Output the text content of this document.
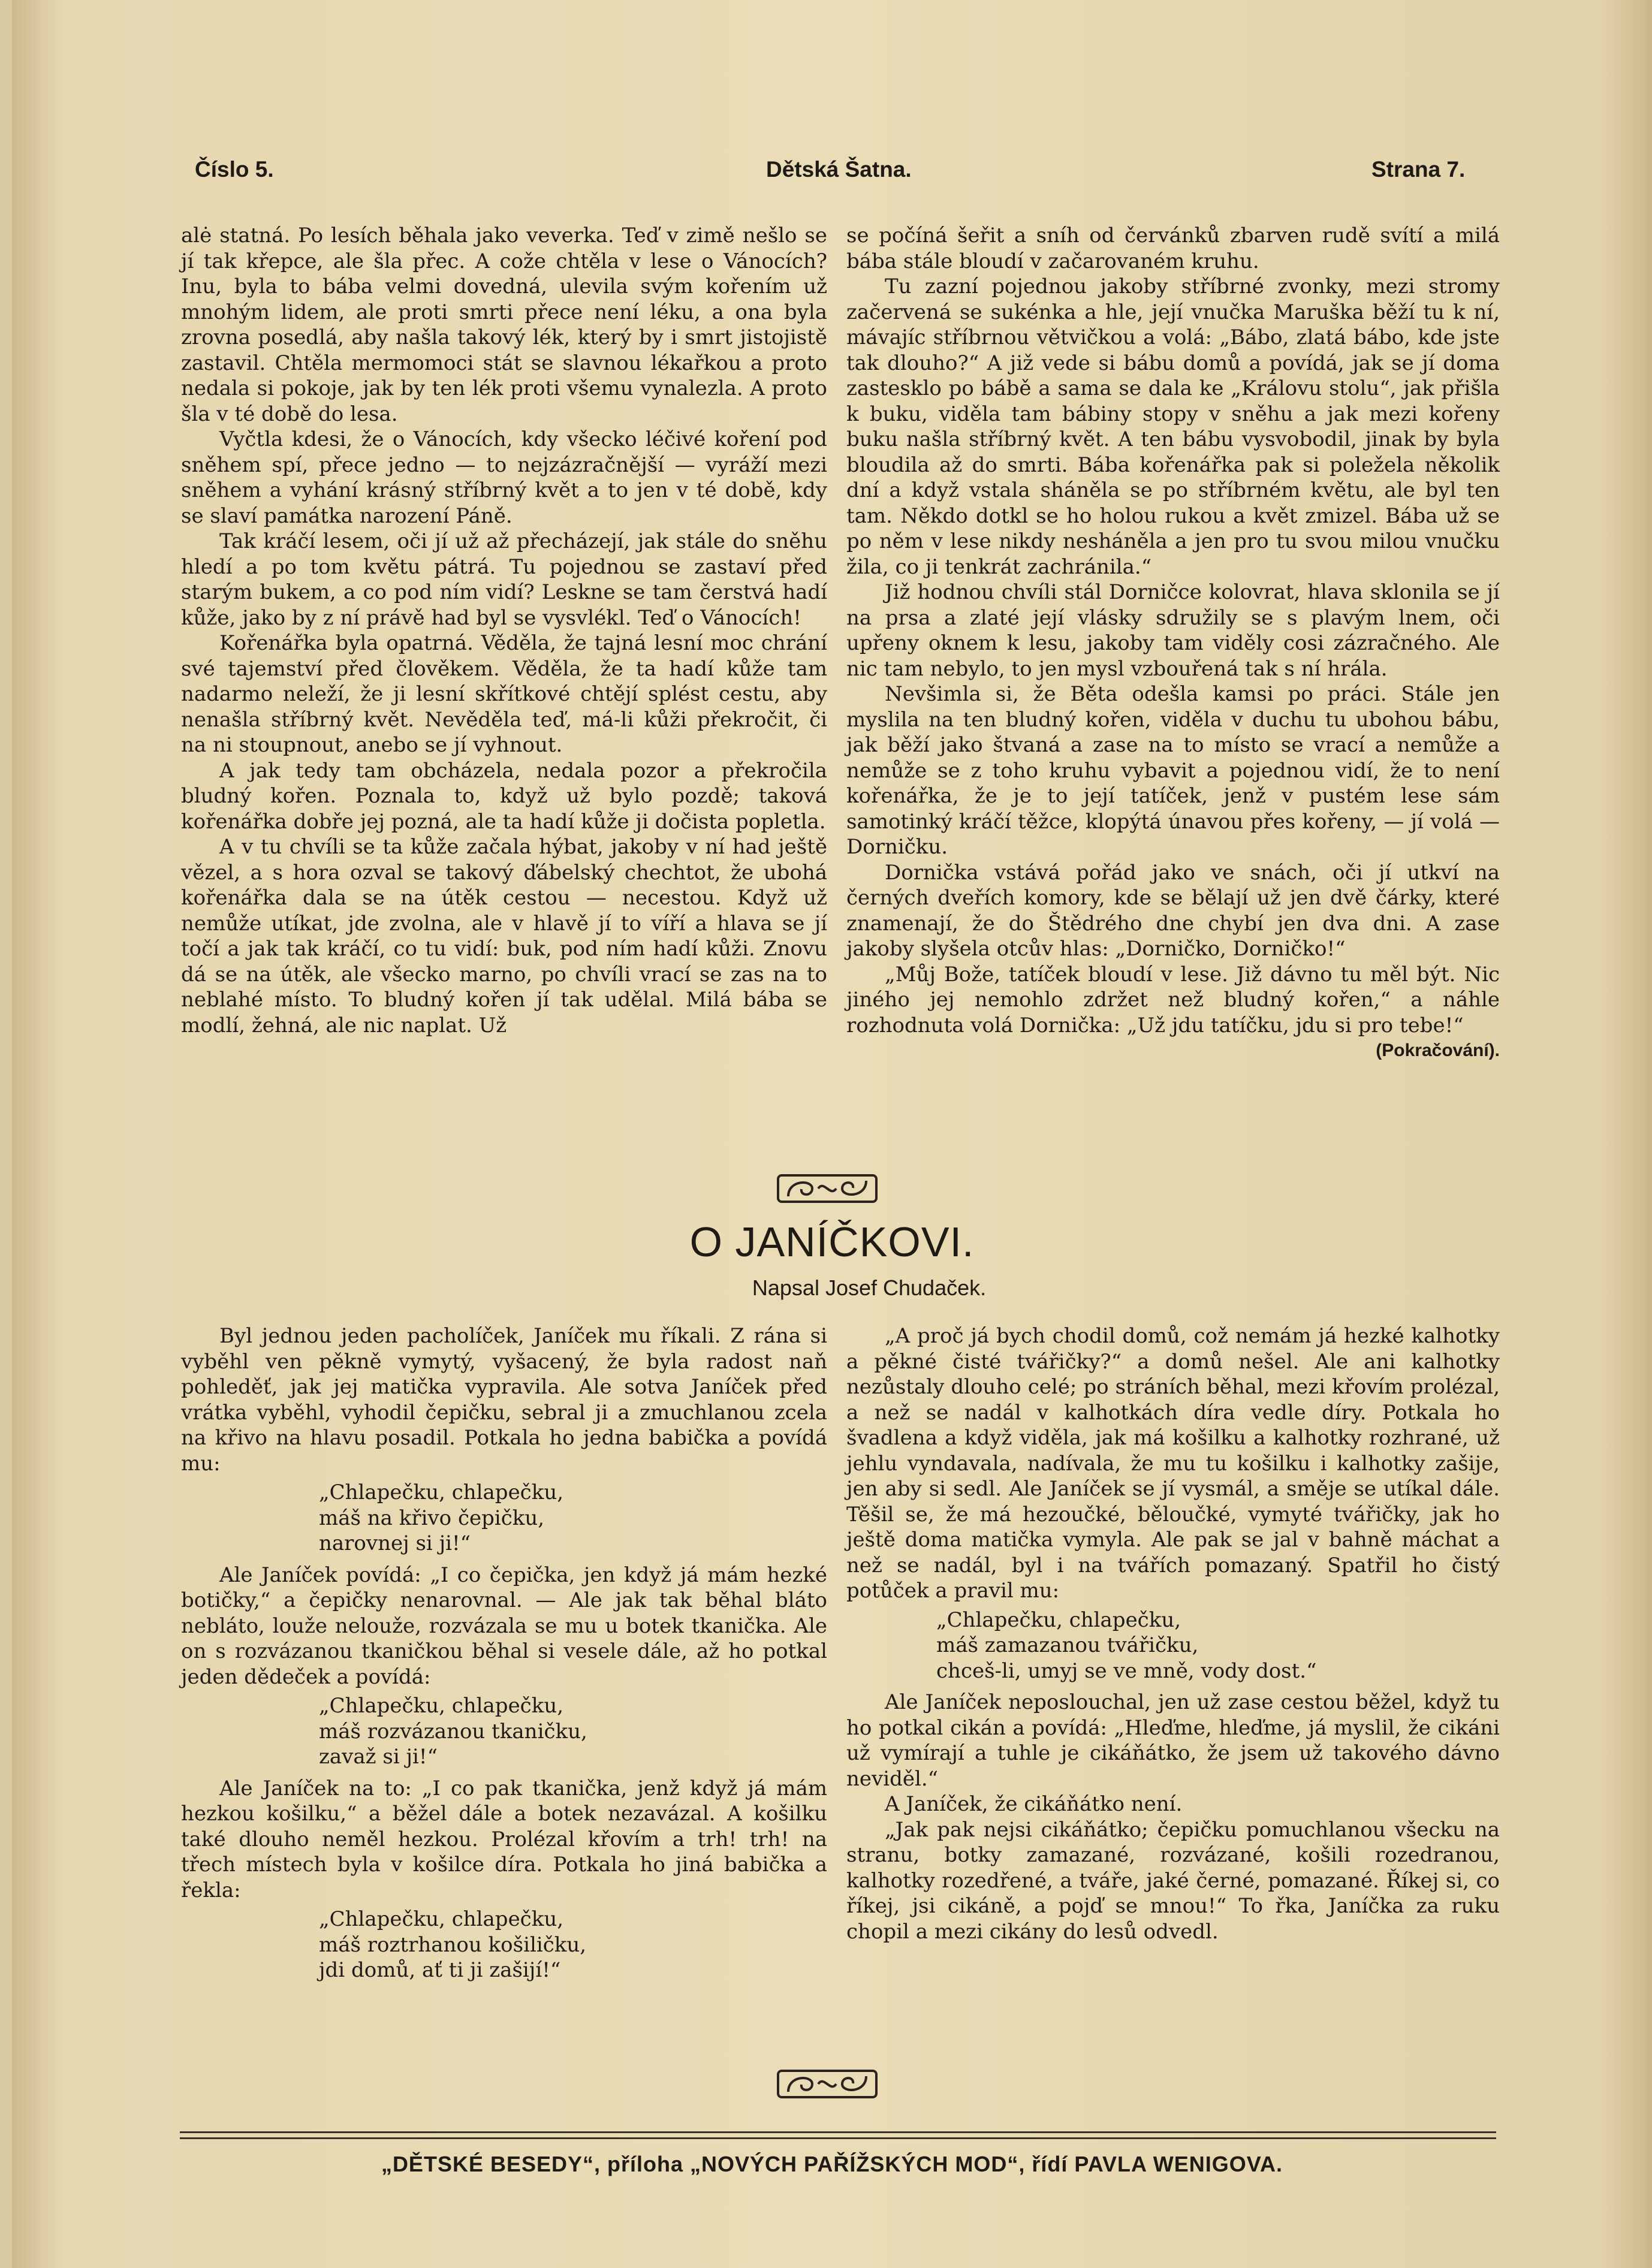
Číslo 5.	Dětská Šatna.	Strana 7.

alė statná. Po lesích běhala jako veverka. Teď v zimě nešlo se jí tak křepce, ale šla přec. A cože chtěla v lese o Vánocích? Inu, byla to bába velmi dovedná, ulevila svým kořením už mnohým lidem, ale proti smrti přece není léku, a ona byla zrovna posedlá, aby našla takový lék, který by i smrt jistojistě zastavil. Chtěla mermomoci stát se slavnou lékařkou a proto nedala si pokoje, jak by ten lék proti všemu vynalezla. A proto šla v té době do lesa.

Vyčtla kdesi, že o Vánocích, kdy všecko léčivé koření pod sněhem spí, přece jedno — to nejzázračnější — vyráží mezi sněhem a vyhání krásný stříbrný květ a to jen v té době, kdy se slaví památka narození Páně.

Tak kráčí lesem, oči jí už až přecházejí, jak stále do sněhu hledí a po tom květu pátrá. Tu pojednou se zastaví před starým bukem, a co pod ním vidí? Leskne se tam čerstvá hadí kůže, jako by z ní právě had byl se vysvlékl. Teď o Vánocích!

Kořenářka byla opatrná. Věděla, že tajná lesní moc chrání své tajemství před člověkem. Věděla, že ta hadí kůže tam nadarmo neleží, že ji lesní skřítkové chtějí splést cestu, aby nenašla stříbrný květ. Nevěděla teď, má-li kůži překročit, či na ni stoupnout, anebo se jí vyhnout.

A jak tedy tam obcházela, nedala pozor a překročila bludný kořen. Poznala to, když už bylo pozdě; taková kořenářka dobře jej pozná, ale ta hadí kůže ji dočista popletla.

A v tu chvíli se ta kůže začala hýbat, jakoby v ní had ještě vězel, a s hora ozval se takový ďábelský chechtot, že ubohá kořenářka dala se na útěk cestou — necestou. Když už nemůže utíkat, jde zvolna, ale v hlavě jí to víří a hlava se jí točí a jak tak kráčí, co tu vidí: buk, pod ním hadí kůži. Znovu dá se na útěk, ale všecko marno, po chvíli vrací se zas na to neblahé místo. To bludný kořen jí tak udělal. Milá bába se modlí, žehná, ale nic naplat. Už

se počíná šeřit a sníh od červánků zbarven rudě svítí a milá bába stále bloudí v začarovaném kruhu.

Tu zazní pojednou jakoby stříbrné zvonky, mezi stromy začervená se sukénka a hle, její vnučka Maruška běží tu k ní, mávajíc stříbrnou větvičkou a volá: „Bábo, zlatá bábo, kde jste tak dlouho?“ A již vede si bábu domů a povídá, jak se jí doma zastesklo po bábě a sama se dala ke „Královu stolu“, jak přišla k buku, viděla tam bábiny stopy v sněhu a jak mezi kořeny buku našla stříbrný květ. A ten bábu vysvobodil, jinak by byla bloudila až do smrti. Bába kořenářka pak si poležela několik dní a když vstala sháněla se po stříbrném květu, ale byl ten tam. Někdo dotkl se ho holou rukou a květ zmizel. Bába už se po něm v lese nikdy nesháněla a jen pro tu svou milou vnučku žila, co ji tenkrát zachránila.“

Již hodnou chvíli stál Dorničce kolovrat, hlava sklonila se jí na prsa a zlaté její vlásky sdružily se s plavým lnem, oči upřeny oknem k lesu, jakoby tam viděly cosi zázračného. Ale nic tam nebylo, to jen mysl vzbouřená tak s ní hrála.

Nevšimla si, že Běta odešla kamsi po práci. Stále jen myslila na ten bludný kořen, viděla v duchu tu ubohou bábu, jak běží jako štvaná a zase na to místo se vrací a nemůže a nemůže se z toho kruhu vybavit a pojednou vidí, že to není kořenářka, že je to její tatíček, jenž v pustém lese sám samotinký kráčí těžce, klopýtá únavou přes kořeny, — jí volá — Dorničku.

Dornička vstává pořád jako ve snách, oči jí utkví na černých dveřích komory, kde se bělají už jen dvě čárky, které znamenají, že do Štědrého dne chybí jen dva dni. A zase jakoby slyšela otcův hlas: „Dorničko, Dorničko!“

„Můj Bože, tatíček bloudí v lese. Již dávno tu měl být. Nic jiného jej nemohlo zdržet než bludný kořen,“ a náhle rozhodnuta volá Dornička: „Už jdu tatíčku, jdu si pro tebe!“

(Pokračování).
O JANÍČKOVI.
Napsal Josef Chudaček.

Byl jednou jeden pacholíček, Janíček mu říkali. Z rána si vyběhl ven pěkně vymytý, vyšacený, že byla radost naň pohleděť, jak jej matička vypravila. Ale sotva Janíček před vrátka vyběhl, vyhodil čepičku, sebral ji a zmuchlanou zcela na křivo na hlavu posadil. Potkala ho jedna babička a povídá mu:

„Chlapečku, chlapečku,
máš na křivo čepičku,
narovnej si ji!“

Ale Janíček povídá: „I co čepička, jen když já mám hezké botičky,“ a čepičky nenarovnal. — Ale jak tak běhal bláto nebláto, louže nelouže, rozvázala se mu u botek tkanička. Ale on s rozvázanou tkaničkou běhal si vesele dále, až ho potkal jeden dědeček a povídá:

„Chlapečku, chlapečku,
máš rozvázanou tkaničku,
zavaž si ji!“

Ale Janíček na to: „I co pak tkanička, jenž když já mám hezkou košilku,“ a běžel dále a botek nezavázal. A košilku také dlouho neměl hezkou. Prolézal křovím a trh! trh! na třech místech byla v košilce díra. Potkala ho jiná babička a řekla:

„Chlapečku, chlapečku,
máš roztrhanou košiličku,
jdi domů, ať ti ji zašijí!“

„A proč já bych chodil domů, což nemám já hezké kalhotky a pěkné čisté tvářičky?“ a domů nešel. Ale ani kalhotky nezůstaly dlouho celé; po stráních běhal, mezi křovím prolézal, a než se nadál v kalhotkách díra vedle díry. Potkala ho švadlena a když viděla, jak má košilku a kalhotky rozhrané, už jehlu vyndavala, nadívala, že mu tu košilku i kalhotky zašije, jen aby si sedl. Ale Janíček se jí vysmál, a směje se utíkal dále. Těšil se, že má hezoučké, běloučké, vymyté tvářičky, jak ho ještě doma matička vymyla. Ale pak se jal v bahně máchat a než se nadál, byl i na tvářích pomazaný. Spatřil ho čistý potůček a pravil mu:

„Chlapečku, chlapečku,
máš zamazanou tvářičku,
chceš-li, umyj se ve mně, vody dost.“

Ale Janíček neposlouchal, jen už zase cestou běžel, když tu ho potkal cikán a povídá: „Hleďme, hleďme, já myslil, že cikáni už vymírají a tuhle je cikáňátko, že jsem už takového dávno neviděl.“

A Janíček, že cikáňátko není.

„Jak pak nejsi cikáňátko; čepičku pomuchlanou všecku na stranu, botky zamazané, rozvázané, košili rozedranou, kalhotky rozedřené, a tváře, jaké černé, pomazané. Říkej si, co říkej, jsi cikáně, a pojď se mnou!“ To řka, Janíčka za ruku chopil a mezi cikány do lesů odvedl.

„DĚTSKÉ BESEDY“, příloha „NOVÝCH PAŘÍŽSKÝCH MOD“, řídí PAVLA WENIGOVA.
